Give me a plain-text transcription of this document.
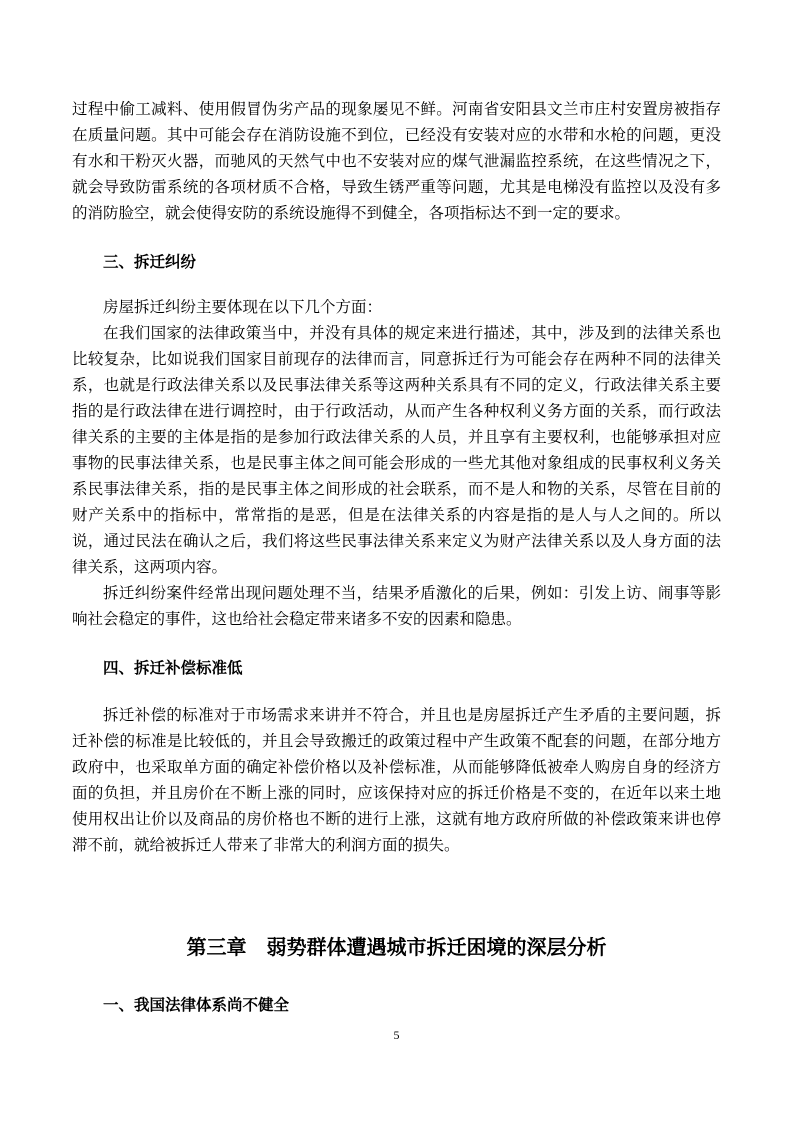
过程中偷工减料、使用假冒伪劣产品的现象屡见不鲜。河南省安阳县文兰市庄村安置房被指存在质量问题。其中可能会存在消防设施不到位，已经没有安装对应的水带和水枪的问题，更没有水和干粉灭火器，而驰风的天然气中也不安装对应的煤气泄漏监控系统，在这些情况之下，就会导致防雷系统的各项材质不合格，导致生锈严重等问题，尤其是电梯没有监控以及没有多的消防脸空，就会使得安防的系统设施得不到健全，各项指标达不到一定的要求。

三、拆迁纠纷

房屋拆迁纠纷主要体现在以下几个方面：

在我们国家的法律政策当中，并没有具体的规定来进行描述，其中，涉及到的法律关系也比较复杂，比如说我们国家目前现存的法律而言，同意拆迁行为可能会存在两种不同的法律关系，也就是行政法律关系以及民事法律关系等这两种关系具有不同的定义，行政法律关系主要指的是行政法律在进行调控时，由于行政活动，从而产生各种权利义务方面的关系，而行政法律关系的主要的主体是指的是参加行政法律关系的人员，并且享有主要权利，也能够承担对应事物的民事法律关系，也是民事主体之间可能会形成的一些尤其他对象组成的民事权利义务关系民事法律关系，指的是民事主体之间形成的社会联系，而不是人和物的关系，尽管在目前的财产关系中的指标中，常常指的是恶，但是在法律关系的内容是指的是人与人之间的。所以说，通过民法在确认之后，我们将这些民事法律关系来定义为财产法律关系以及人身方面的法律关系，这两项内容。

拆迁纠纷案件经常出现问题处理不当，结果矛盾激化的后果，例如：引发上访、闹事等影响社会稳定的事件，这也给社会稳定带来诸多不安的因素和隐患。

四、拆迁补偿标准低

拆迁补偿的标准对于市场需求来讲并不符合，并且也是房屋拆迁产生矛盾的主要问题，拆迁补偿的标准是比较低的，并且会导致搬迁的政策过程中产生政策不配套的问题，在部分地方政府中，也采取单方面的确定补偿价格以及补偿标准，从而能够降低被牵人购房自身的经济方面的负担，并且房价在不断上涨的同时，应该保持对应的拆迁价格是不变的，在近年以来土地使用权出让价以及商品的房价格也不断的进行上涨，这就有地方政府所做的补偿政策来讲也停滞不前，就给被拆迁人带来了非常大的利润方面的损失。

第三章　弱势群体遭遇城市拆迁困境的深层分析
一、我国法律体系尚不健全
5
